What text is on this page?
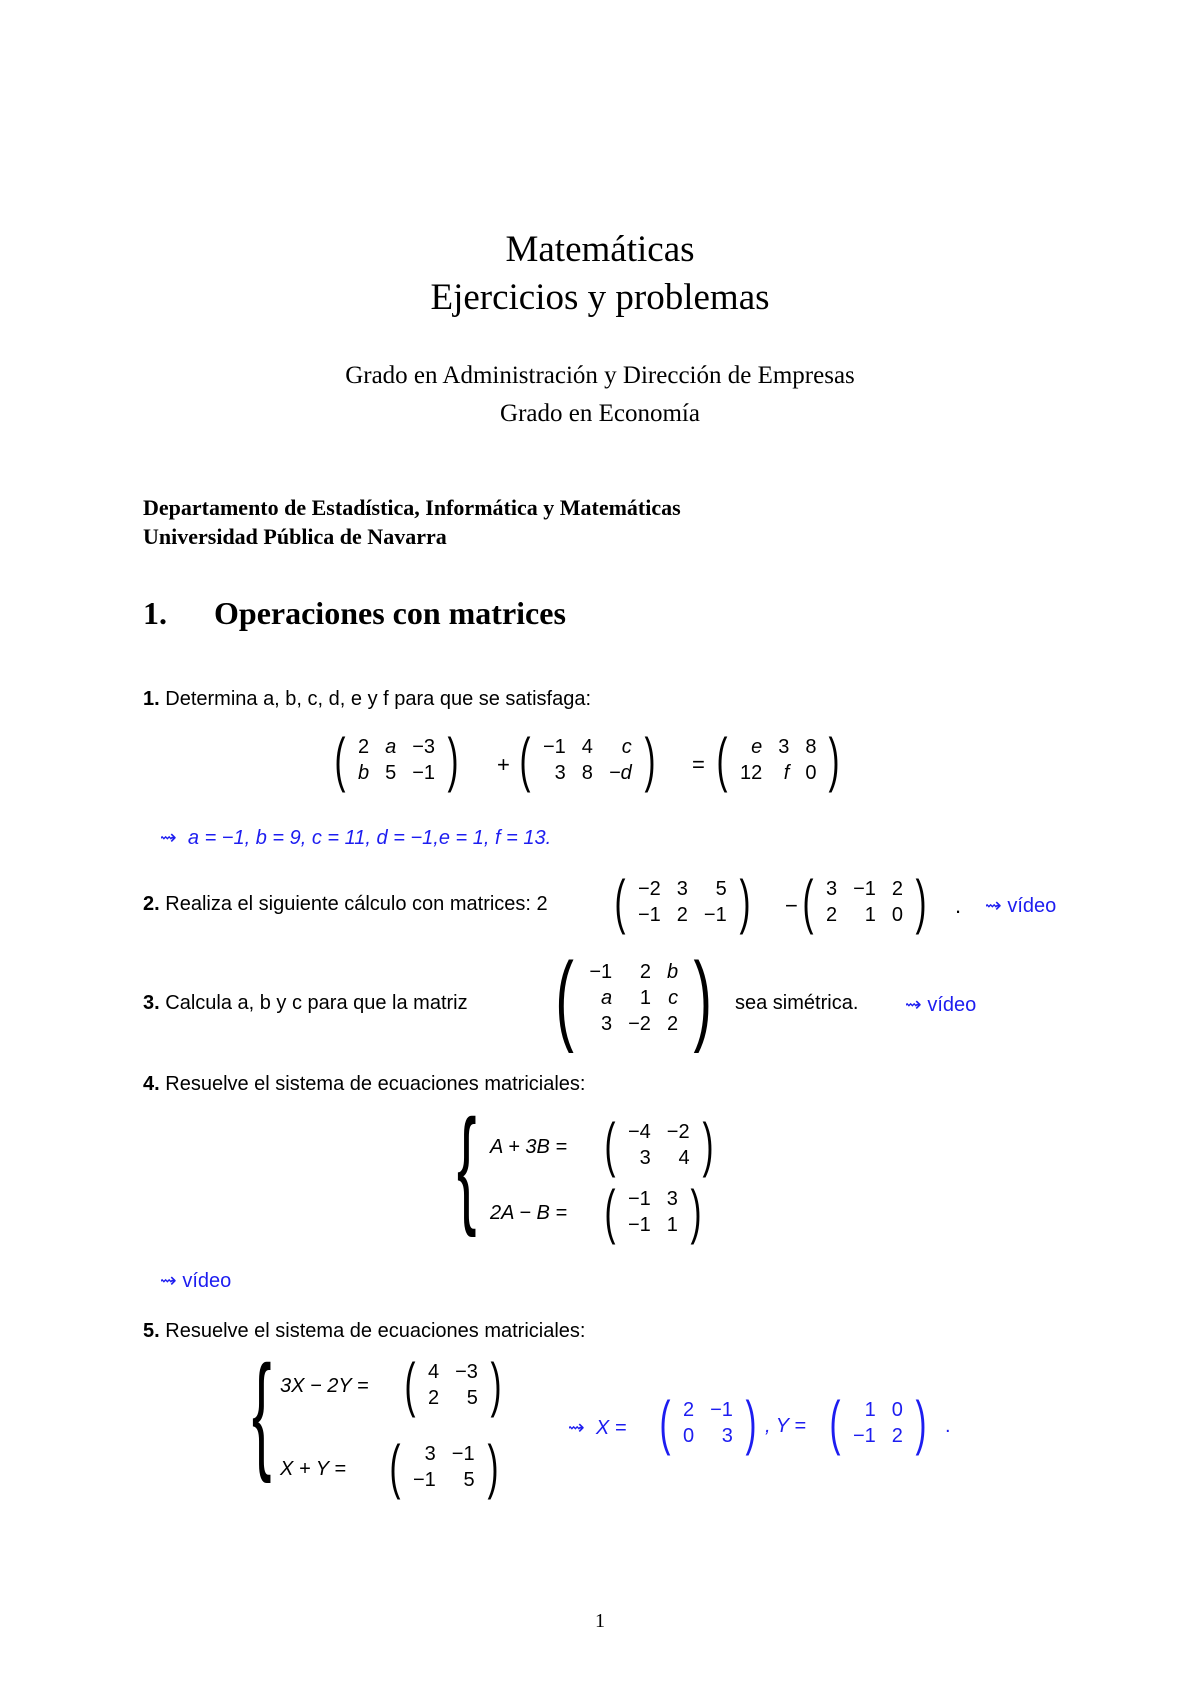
Matemáticas
Ejercicios y problemas
Grado en Administración y Dirección de Empresas
Grado en Economía
Departamento de Estadística, Informática y Matemáticas
Universidad Pública de Navarra
1. Operaciones con matrices
1. Determina a, b, c, d, e y f para que se satisfaga:
( 2	a	−3
b	5	−1 ) + ( −1	4	c
3	8	−d ) = ( e	3	8
12	f	0 )
⇝ a = −1, b = 9, c = 11, d = −1,e = 1, f = 13.
2. Realiza el siguiente cálculo con matrices: 2 ( −2	3	5
−1	2	−1 ) − ( 3	−1	2
2	1	0 ) . ⇝ vídeo
3. Calcula a, b y c para que la matriz ( −1	2	b
a	1	c
3	−2	2 ) sea simétrica. ⇝ vídeo
4. Resuelve el sistema de ecuaciones matriciales:
{ A + 3B = ( −4	−2
3	4 )
2A − B = ( −1	3
−1	1 )
⇝ vídeo
5. Resuelve el sistema de ecuaciones matriciales:
{ 3X − 2Y = ( 4	−3
2	5 )
X + Y = ( 3	−1
−1	5 )
⇝ X = ( 2	−1
0	3 ) , Y = ( 1	0
−1	2 ) .
1
